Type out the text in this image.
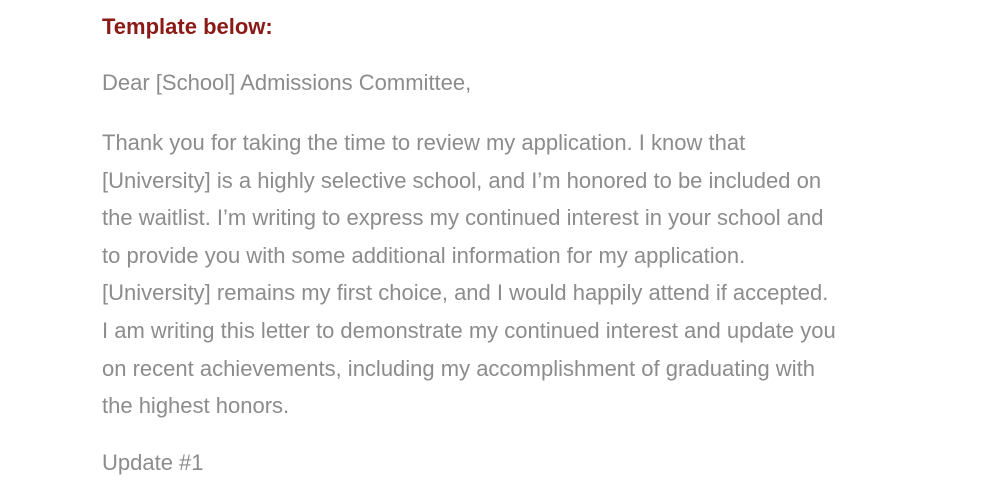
Template below:

Dear [School] Admissions Committee,

Thank you for taking the time to review my application. I know that
[University] is a highly selective school, and I’m honored to be included on
the waitlist. I’m writing to express my continued interest in your school and
to provide you with some additional information for my application.
[University] remains my first choice, and I would happily attend if accepted.
I am writing this letter to demonstrate my continued interest and update you
on recent achievements, including my accomplishment of graduating with
the highest honors.

Update #1
